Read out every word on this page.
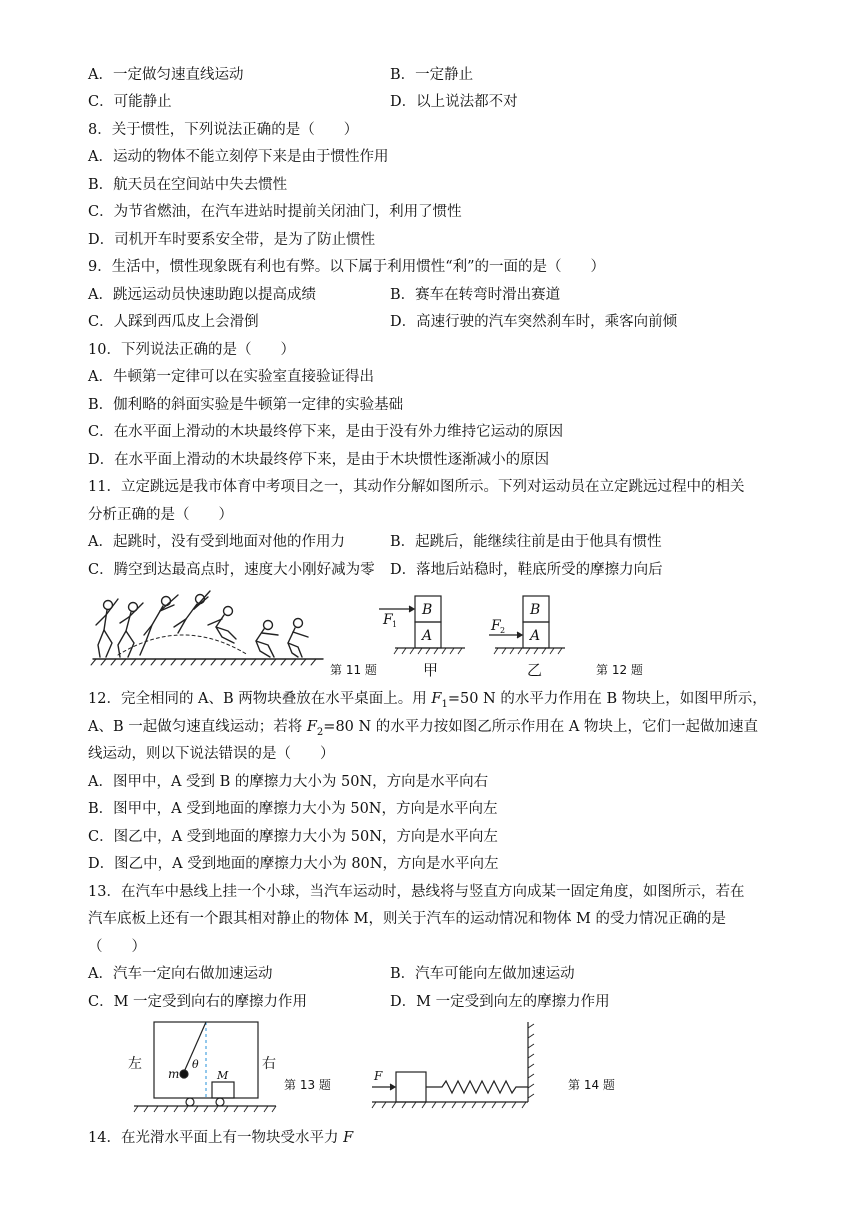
A．一定做匀速直线运动	B．一定静止
C．可能静止	D．以上说法都不对
8．关于惯性，下列说法正确的是（　　）
A．运动的物体不能立刻停下来是由于惯性作用
B．航天员在空间站中失去惯性
C．为节省燃油，在汽车进站时提前关闭油门，利用了惯性
D．司机开车时要系安全带，是为了防止惯性
9．生活中，惯性现象既有利也有弊。以下属于利用惯性“利”的一面的是（　　）
A．跳远运动员快速助跑以提高成绩	B．赛车在转弯时滑出赛道
C．人踩到西瓜皮上会滑倒	D．高速行驶的汽车突然刹车时，乘客向前倾
10．下列说法正确的是（　　）
A．牛顿第一定律可以在实验室直接验证得出
B．伽利略的斜面实验是牛顿第一定律的实验基础
C．在水平面上滑动的木块最终停下来，是由于没有外力维持它运动的原因
D．在水平面上滑动的木块最终停下来，是由于木块惯性逐渐减小的原因
11．立定跳远是我市体育中考项目之一，其动作分解如图所示。下列对运动员在立定跳远过程中的相关
分析正确的是（　　）
A．起跳时，没有受到地面对他的作用力	B．起跳后，能继续往前是由于他具有惯性
C．腾空到达最高点时，速度大小刚好减为零 D．落地后站稳时，鞋底所受的摩擦力向后
B
A
B
A
F 1	F 2
第 11 题	甲	乙	第 12 题
12．完全相同的 A、B 两物块叠放在水平桌面上。用 $F_1=50$ N 的水平力作用在 B 物块上，如图甲所示，
A、B 一起做匀速直线运动；若将 $F_2=80$ N 的水平力按如图乙所示作用在 A 物块上，它们一起做加速直
线运动，则以下说法错误的是（　　）
A．图甲中，A 受到 B 的摩擦力大小为 50N，方向是水平向右
B．图甲中，A 受到地面的摩擦力大小为 50N，方向是水平向左
C．图乙中，A 受到地面的摩擦力大小为 50N，方向是水平向左
D．图乙中，A 受到地面的摩擦力大小为 80N，方向是水平向左
13．在汽车中悬线上挂一个小球，当汽车运动时，悬线将与竖直方向成某一固定角度，如图所示，若在
汽车底板上还有一个跟其相对静止的物体 M，则关于汽车的运动情况和物体 M 的受力情况正确的是
（　　）
A．汽车一定向右做加速运动	B．汽车可能向左做加速运动
C．M 一定受到向右的摩擦力作用	D．M 一定受到向左的摩擦力作用
左	右
m
θ
M
第 13 题
F
第 14 题
14．在光滑水平面上有一物块受水平力 F
